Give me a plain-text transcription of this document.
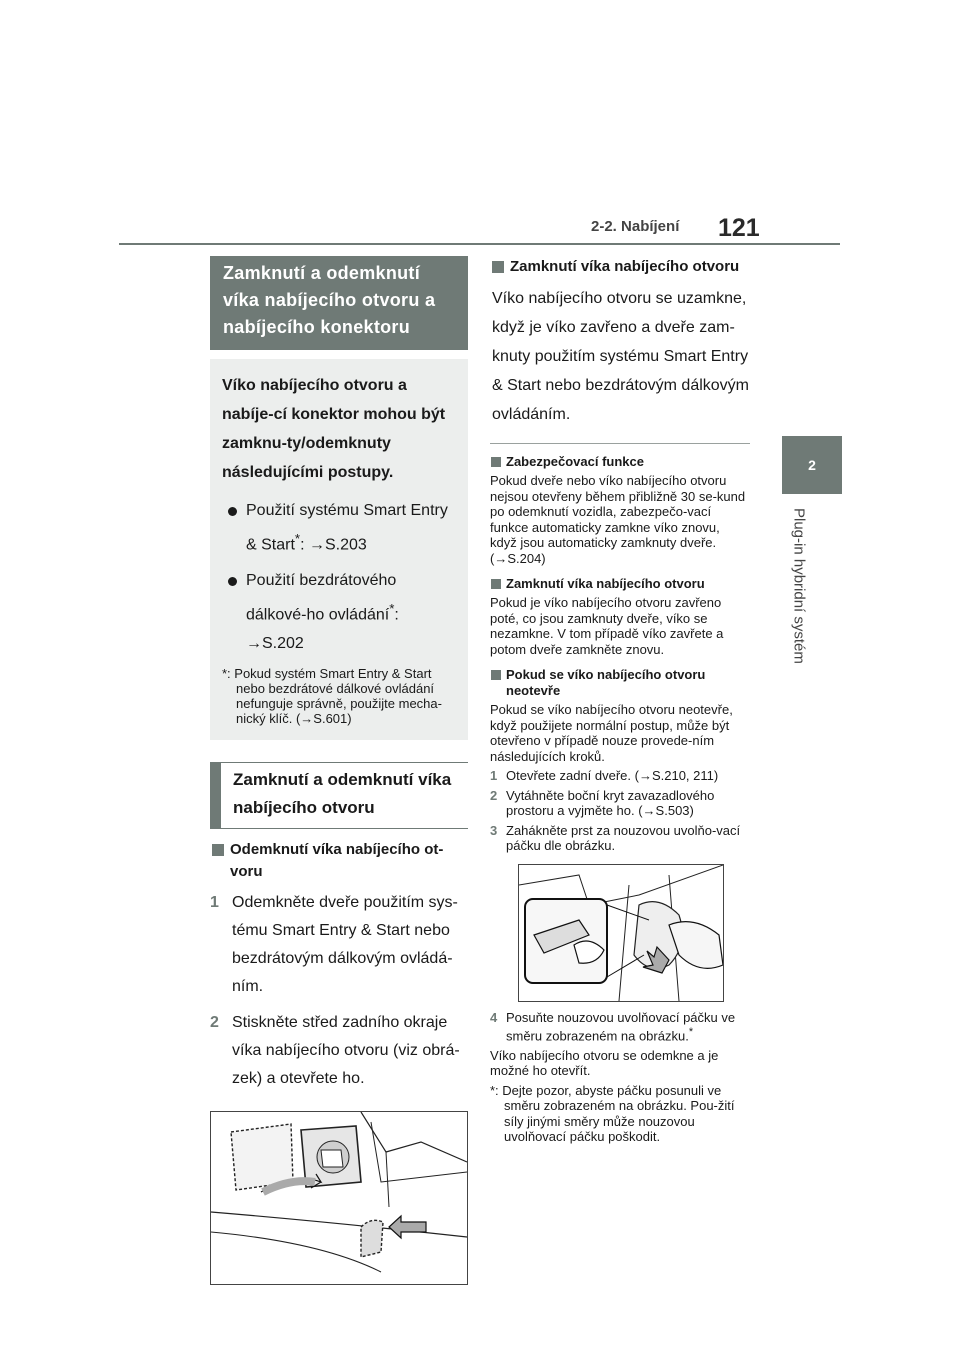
2-2. Nabíjení 121
2
Plug-in hybridní systém
Zamknutí a odemknutí víka nabíjecího otvoru a nabíjecího konektoru

Víko nabíjecího otvoru a nabíje-cí konektor mohou být zamknu-ty/odemknuty následujícími postupy.

Použití systému Smart Entry & Start*: →S.203
Použití bezdrátového dálkové-ho ovládání*: →S.202
*: Pokud systém Smart Entry & Start nebo bezdrátové dálkové ovládání nefunguje správně, použijte mecha-nický klíč. (→S.601)
Zamknutí a odemknutí víka nabíjecího otvoru
Odemknutí víka nabíjecího ot-voru
1 Odemkněte dveře použitím sys-tému Smart Entry & Start nebo bezdrátovým dálkovým ovládá-ním.
2 Stiskněte střed zadního okraje víka nabíjecího otvoru (viz obrá-zek) a otevřete ho.
Zamknutí víka nabíjecího otvoru
Víko nabíjecího otvoru se uzamkne, když je víko zavřeno a dveře zam-knuty použitím systému Smart Entry & Start nebo bezdrátovým dálkovým ovládáním.
Zabezpečovací funkce
Pokud dveře nebo víko nabíjecího otvoru nejsou otevřeny během přibližně 30 se-kund po odemknutí vozidla, zabezpečo-vací funkce automaticky zamkne víko znovu, když jsou automaticky zamknuty dveře. (→S.204)
Zamknutí víka nabíjecího otvoru
Pokud je víko nabíjecího otvoru zavřeno poté, co jsou zamknuty dveře, víko se nezamkne. V tom případě víko zavřete a potom dveře zamkněte znovu.
Pokud se víko nabíjecího otvoru neotevře
Pokud se víko nabíjecího otvoru neotevře, když použijete normální postup, může být otevřeno v případě nouze provede-ním následujících kroků.
1 Otevřete zadní dveře. (→S.210, 211)
2 Vytáhněte boční kryt zavazadlového prostoru a vyjměte ho. (→S.503)
3 Zahákněte prst za nouzovou uvolňo-vací páčku dle obrázku.
4 Posuňte nouzovou uvolňovací páčku ve směru zobrazeném na obrázku.*
Víko nabíjecího otvoru se odemkne a je možné ho otevřít.
*: Dejte pozor, abyste páčku posunuli ve směru zobrazeném na obrázku. Pou-žití síly jinými směry může nouzovou uvolňovací páčku poškodit.
